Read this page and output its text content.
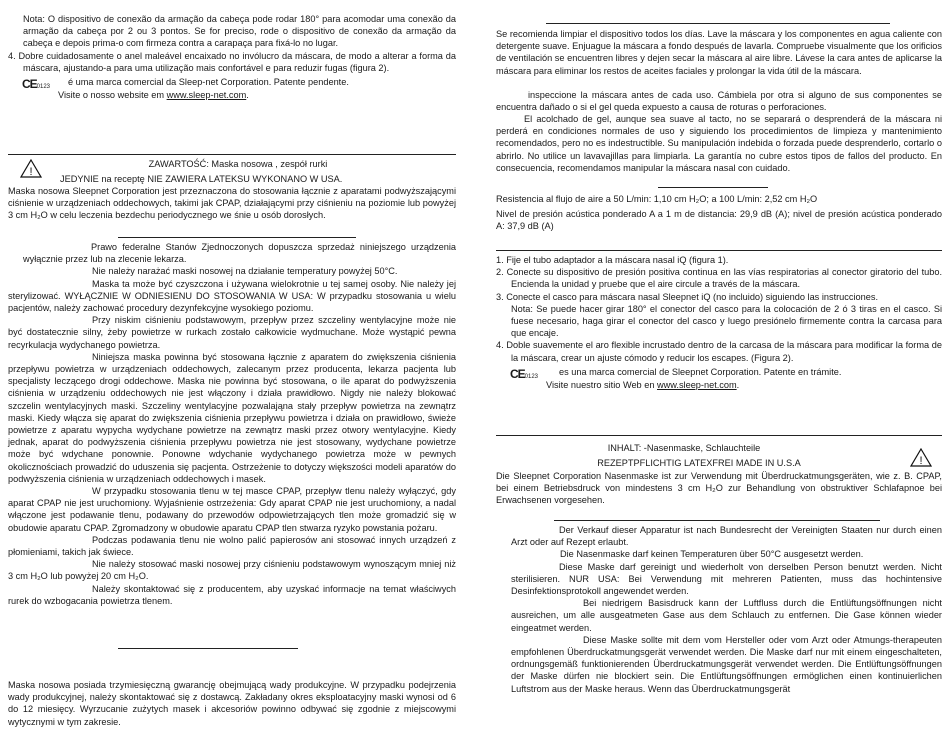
Nota: O dispositivo de conexão da armação da cabeça pode rodar 180° para acomodar uma conexão da armação da cabeça por 2 ou 3 pontos. Se for preciso, rode o dispositivo de conexão da armação da cabeça e depois prima-o com firmeza contra a carapaça para fixá-lo no lugar.

4. Dobre cuidadosamente o anel maleável encaixado no invólucro da máscara, de modo a alterar a forma da máscara, ajustando-a para uma utilização mais confortável e para reduzir fugas (figura 2).

CE0123 é uma marca comercial da Sleep-net Corporation. Patente pendente.
Visite o nosso website em www.sleep-net.com.
!
ZAWARTOŚĆ: Maska nosowa , zespół rurki
JEDYNIE na receptę NIE ZAWIERA LATEKSU WYKONANO W USA.

Maska nosowa Sleepnet Corporation jest przeznaczona do stosowania łącznie z aparatami podwyższającymi ciśnienie w urządzeniach oddechowych, takimi jak CPAP, działającymi przy ciśnieniu na poziomie lub powyżej 3 cm H₂O w celu leczenia bezdechu periodycznego we śnie u osób dorosłych.

Prawo federalne Stanów Zjednoczonych dopuszcza sprzedaż niniejszego urządzenia wyłącznie przez lub na zlecenie lekarza.

Nie należy narażać maski nosowej na działanie temperatury powyżej 50°C.

Maska ta może być czyszczona i używana wielokrotnie u tej samej osoby. Nie należy jej sterylizować. WYŁĄCZNIE W ODNIESIENU DO STOSOWANIA W USA: W przypadku stosowania u wielu pacjentów, należy zachować procedury dezynfekcyjne wysokiego poziomu.

Przy niskim ciśnieniu podstawowym, przepływ przez szczeliny wentylacyjne może nie być dostatecznie silny, żeby powietrze w rurkach zostało całkowicie wydmuchane. Może wystąpić pewna recyrkulacja wydychanego powietrza.

Niniejsza maska powinna być stosowana łącznie z aparatem do zwiększenia ciśnienia przepływu powietrza w urządzeniach oddechowych, zalecanym przez producenta, lekarza pacjenta lub specjalisty leczącego drogi oddechowe. Maska nie powinna być stosowana, o ile aparat do podwyższenia ciśnienia w urządzeniu oddechowych nie jest włączony i działa prawidłowo. Nigdy nie należy blokować szczelin wentylacyjnych maski. Szczeliny wentylacyjne pozwalająna stały przepływ powietrza na zewnątrz maski. Kiedy włącza się aparat do zwiększenia ciśnienia przepływu powietrza i działa on prawidłowo, świeże powietrze z aparatu wypycha wydychane powietrze na zewnątrz maski przez otwory wentylacyjne. Kiedy jednak, aparat do podwyższenia ciśnienia przepływu powietrza nie jest stosowany, wydychane powietrze może być wdychane ponownie. Ponowne wdychanie wydychanego powietrza może w pewnych okolicznościach prowadzić do uduszenia się pacjenta. Ostrzeżenie to dotyczy większości modeli aparatów do podwyższenia ciśnienia w urządzeniach oddechowych i masek.

W przypadku stosowania tlenu w tej masce CPAP, przepływ tlenu należy wyłączyć, gdy aparat CPAP nie jest uruchomiony. Wyjaśnienie ostrzeżenia: Gdy aparat CPAP nie jest uruchomiony, a nadal włączone jest podawanie tlenu, podawany do przewodów odpowietrzających tlen może gromadzić się w obudowie aparatu CPAP. Zgromadzony w obudowie aparatu CPAP tlen stwarza ryzyko powstania pożaru.

Podczas podawania tlenu nie wolno palić papierosów ani stosować innych urządzeń z płomieniami, takich jak świece.

Nie należy stosować maski nosowej przy ciśnieniu podstawowym wynoszącym mniej niż 3 cm H₂O lub powyżej 20 cm H₂O.

Należy skontaktować się z producentem, aby uzyskać informacje na temat właściwych rurek do wzbogacania powietrza tlenem.

Maska nosowa posiada trzymiesięczną gwarancję obejmującą wady produkcyjne. W przypadku podejrzenia wady produkcyjnej, należy skontaktować się z dostawcą. Zakładany okres eksploatacyjny maski wynosi od 6 do 12 miesięcy. Wyrzucanie zużytych masek i akcesoriów powinno odbywać się zgodnie z miejscowymi wytycznymi w tym zakresie.

Se recomienda limpiar el dispositivo todos los días. Lave la máscara y los componentes en agua caliente con detergente suave. Enjuague la máscara a fondo después de lavarla. Compruebe visualmente que los orificios de ventilación se encuentren libres y dejen secar la máscara al aire libre. Lávese la cara antes de aplicarse la máscara para eliminar los restos de aceites faciales y prolongar la vida útil de la máscara.

inspeccione la máscara antes de cada uso. Cámbiela por otra si alguno de sus componentes se encuentra dañado o si el gel queda expuesto a causa de roturas o perforaciones.

El acolchado de gel, aunque sea suave al tacto, no se separará o desprenderá de la máscara ni perderá en condiciones normales de uso y siguiendo los procedimientos de limpieza y mantenimiento recomendados, pero no es indestructible. Su manipulación indebida o forzada puede desprenderlo, cortarlo o abrirlo. No utilice un lavavajillas para limpiarla. La garantía no cubre estos tipos de fallos del producto. En consecuencia, recomendamos manipular la máscara nasal con cuidado.

Resistencia al flujo de aire a 50 L/min: 1,10 cm H₂O; a 100 L/min: 2,52 cm H₂O

Nivel de presión acústica ponderado A a 1 m de distancia: 29,9 dB (A); nivel de presión acústica ponderado A: 37,9 dB (A)

1. Fije el tubo adaptador a la máscara nasal iQ (figura 1).

2. Conecte su dispositivo de presión positiva continua en las vías respiratorias al conector giratorio del tubo. Encienda la unidad y pruebe que el aire circule a través de la máscara.

3. Conecte el casco para máscara nasal Sleepnet iQ (no incluido) siguiendo las instrucciones.

Nota: Se puede hacer girar 180° el conector del casco para la colocación de 2 ó 3 tiras en el casco. Si fuese necesario, haga girar el conector del casco y luego presiónelo firmemente contra la carcasa para que encaje.

4. Doble suavemente el aro flexible incrustado dentro de la carcasa de la máscara para modificar la forma de la máscara, crear un ajuste cómodo y reducir los escapes. (Figura 2).

CE0123 es una marca comercial de Sleepnet Corporation. Patente en trámite.
Visite nuestro sitio Web en www.sleep-net.com.
INHALT: -Nasenmaske, Schlauchteile
REZEPTPFLICHTIG LATEXFREI MADE IN U.S.A	!

Die Sleepnet Corporation Nasenmaske ist zur Verwendung mit Überdruckatmungsgeräten, wie z. B. CPAP, bei einem Betriebsdruck von mindestens 3 cm H₂O zur Behandlung von obstruktiver Schlafapnoe bei Erwachsenen vorgesehen.

Der Verkauf dieser Apparatur ist nach Bundesrecht der Vereinigten Staaten nur durch einen Arzt oder auf Rezept erlaubt.

Die Nasenmaske darf keinen Temperaturen über 50°C ausgesetzt werden.

Diese Maske darf gereinigt und wiederholt von derselben Person benutzt werden. Nicht sterilisieren. NUR USA: Bei Verwendung mit mehreren Patienten, muss das hochintensive Desinfektionsprotokoll angewendet werden.

Bei niedrigem Basisdruck kann der Luftfluss durch die Entlüftungsöffnungen nicht ausreichen, um alle ausgeatmeten Gase aus dem Schlauch zu entfernen. Die Gase können wieder eingeatmet werden.

Diese Maske sollte mit dem vom Hersteller oder vom Arzt oder Atmungs-therapeuten empfohlenen Überdruckatmungsgerät verwendet werden. Die Maske darf nur mit einem eingeschalteten, ordnungsgemäß funktionierenden Überdruckatmungsgerät verwendet werden. Die Entlüftungsöffnungen der Maske dürfen nie blockiert sein. Die Entlüftungsöffnungen ermöglichen einen kontinuierlichen Luftstrom aus der Maske heraus. Wenn das Überdruckatmungsgerät
